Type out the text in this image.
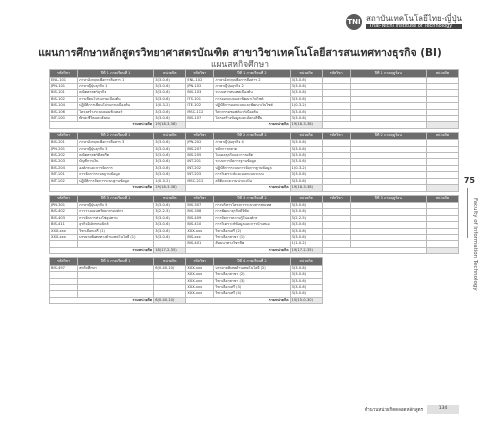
TNI สถาบันเทคโนโลยีไทย-ญี่ปุ่น
Thai-Nichi Institute of Technology
แผนการศึกษาหลักสูตรวิทยาศาสตรบัณฑิต สาขาวิชาเทคโนโลยีสารสนเทศทางธุรกิจ (BI)
แผนสหกิจศึกษา
75
Faculty of Information Technology
รหัสวิชา	ปีที่ 1 ภาคเรียนที่ 1	หน่วยกิต	รหัสวิชา	ปีที่ 1 ภาคเรียนที่ 2	หน่วยกิต	รหัสวิชา	ปีที่ 1 ภาคฤดูร้อน	หน่วยกิต
ENL-101	ภาษาอังกฤษเพื่อการสื่อสาร 1	3(3-0-6)	ENL-102	ภาษาอังกฤษเพื่อการสื่อสาร 2	3(3-0-6)			
JPN-101	ภาษาญี่ปุ่นธุรกิจ 1	3(3-0-6)	JPN-102	ภาษาญี่ปุ่นธุรกิจ 2	3(3-0-6)			
BIS-101	คณิตศาสตร์ธุรกิจ	3(3-0-6)	BIS-103	ระบบสารสนเทศเบื้องต้น	3(3-0-6)			
BIS-102	การเขียนโปรแกรมเบื้องต้น	3(3-0-6)	ITS-101	การออกแบบและพัฒนาเว็บไซต์	3(3-0-6)			
BIS-104	ปฏิบัติการเขียนโปรแกรมเบื้องต้น	1(0-3-2)	ITE-102	ปฏิบัติการออกแบบและพัฒนาเว็บไซต์	1(0-3-2)			
BIS-106	โครงสร้างระบบคอมพิวเตอร์	3(3-0-6)	MSC-112	วิศวกรรมซอฟต์แวร์เบื้องต้น	3(3-0-6)			
INT-100	ทักษะชีวิตและสังคม	3(3-0-6)	BIS-107	โครงสร้างข้อมูลและอัลกอริทึม	3(3-0-6)			
รวมหน่วยกิต		19(18-3-38)	รวมหน่วยกิต		19(18-3-38)			
รหัสวิชา	ปีที่ 2 ภาคเรียนที่ 1	หน่วยกิต	รหัสวิชา	ปีที่ 2 ภาคเรียนที่ 2	หน่วยกิต	รหัสวิชา	ปีที่ 2 ภาคฤดูร้อน	หน่วยกิต
BIS-201	ภาษาอังกฤษเพื่อการสื่อสาร 3	3(3-0-6)	JPN-202	ภาษาญี่ปุ่นธุรกิจ 4	3(3-0-6)			
JPN-201	ภาษาญี่ปุ่นธุรกิจ 3	3(3-0-6)	BIS-207	หลักการตลาด	3(3-0-6)			
BIS-202	คณิตศาสตร์ดิสครีต	3(3-0-6)	BIS-205	โมเดลธุรกิจและการผลิต	3(3-0-6)			
BIS-203	บัญชีการเงิน	3(3-0-6)	INT-201	ระบบการจัดการฐานข้อมูล	3(3-0-6)			
BIS-204	องค์กรและการจัดการ	3(3-0-6)	INT-202	ปฏิบัติการระบบการจัดการฐานข้อมูล	1(0-3-2)			
INT-101	การจัดการระบบฐานข้อมูล	3(3-0-6)	INT-203	การวิเคราะห์และออกแบบระบบ	3(3-0-6)			
INT-102	ปฏิบัติการจัดการระบบฐานข้อมูล	1(0-3-2)	MSC-212	สถิติและความน่าจะเป็น	3(3-0-6)			
รวมหน่วยกิต		19(18-3-38)	รวมหน่วยกิต		19(18-3-38)			
รหัสวิชา	ปีที่ 3 ภาคเรียนที่ 1	หน่วยกิต	รหัสวิชา	ปีที่ 3 ภาคเรียนที่ 2	หน่วยกิต	รหัสวิชา	ปีที่ 3 ภาคฤดูร้อน	หน่วยกิต
JPN-301	ภาษาญี่ปุ่นธุรกิจ 5	3(3-0-6)	BIS-307	การบริหารโครงการระบบสารสนเทศ	3(3-0-6)			
BIS-402	การวางแผนทรัพยากรองค์กร	3(2-2-5)	BIS-308	การพัฒนาธุรกิจดิจิทัล	3(3-0-6)			
BIS-403	การจัดการห่วงโซ่อุปทาน	3(3-0-6)	BIS-409	การจัดการความรู้ในองค์กร	3(2-2-5)			
BIS-411	ธุรกิจอิเล็กทรอนิกส์	3(3-0-6)	BIS-410	การวิเคราะห์ข้อมูลและการนำเสนอ	3(3-0-6)			
XXX-xxx	วิชาเลือกเสรี (1)	3(3-0-6)	XXX-xxx	วิชาเลือกเสรี (2)	3(3-0-6)			
XXX-xxx	บรรยายพิเศษทางด้านเทคโนโลยี (1)	3(3-0-6)	BIS-xxx	วิชาเลือกสาขา (1)	3(3-0-6)			
			BIS-401	สัมมนาทางวิชาชีพ	1(1-0-2)			
รวมหน่วยกิต		18(17-2-35)	รวมหน่วยกิต		19(17-2-35)			
รหัสวิชา	ปีที่ 4 ภาคเรียนที่ 1	หน่วยกิต	รหัสวิชา	ปีที่ 4 ภาคเรียนที่ 2	หน่วยกิต			
BIS-497	สหกิจศึกษา	6(0-40-10)	XXX-xxx	บรรยายพิเศษด้านเทคโนโลยี (2)	3(3-0-6)			
			XXX-xxx	วิชาเลือกสาขา (2)	3(3-0-6)			
			XXX-xxx	วิชาเลือกสาขา (3)	3(3-0-6)			
			XXX-xxx	วิชาเลือกเสรี (3)	3(3-0-6)			
			XXX-xxx	วิชาเลือกเสรี (4)	3(3-0-6)			
รวมหน่วยกิต		6(0-40-10)	รวมหน่วยกิต		15(15-0-30)			
จำนวนหน่วยกิตตลอดหลักสูตร	134
